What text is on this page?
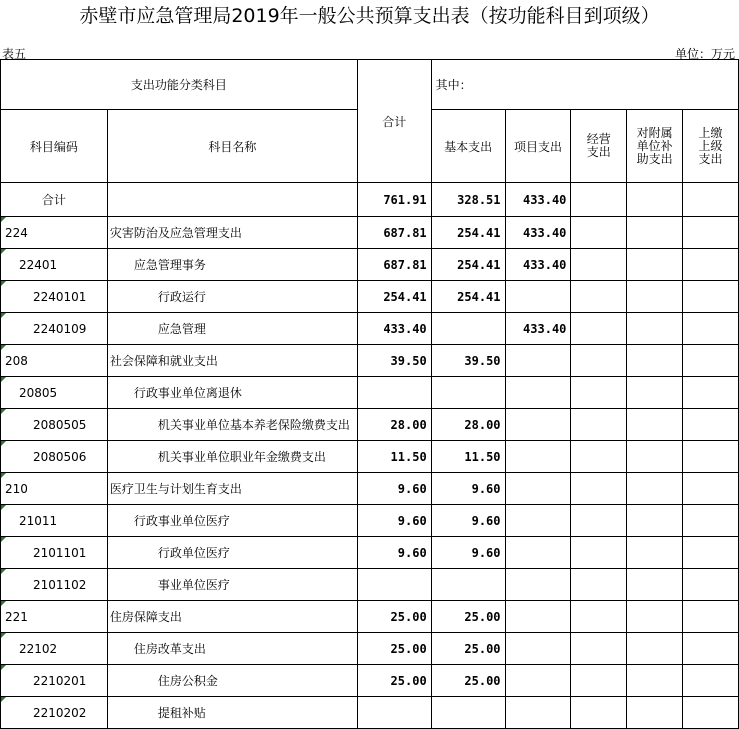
赤壁市应急管理局2019年一般公共预算支出表（按功能科目到项级）
表五	单位：万元
支出功能分类科目		合计	其中：				
科目编码	科目名称		基本支出	项目支出	经营支出	对附属单位补助支出	上缴上级支出

合计		761.91	328.51	433.40			
224	灾害防治及应急管理支出	687.81	254.41	433.40			
22401	应急管理事务	687.81	254.41	433.40			
2240101	行政运行	254.41	254.41				
2240109	应急管理	433.40		433.40			
208	社会保障和就业支出	39.50	39.50				
20805	行政事业单位离退休						
2080505	机关事业单位基本养老保险缴费支出	28.00	28.00				
2080506	机关事业单位职业年金缴费支出	11.50	11.50				
210	医疗卫生与计划生育支出	9.60	9.60				
21011	行政事业单位医疗	9.60	9.60				
2101101	行政单位医疗	9.60	9.60				
2101102	事业单位医疗						
221	住房保障支出	25.00	25.00				
22102	住房改革支出	25.00	25.00				
2210201	住房公积金	25.00	25.00				
2210202	提租补贴						
